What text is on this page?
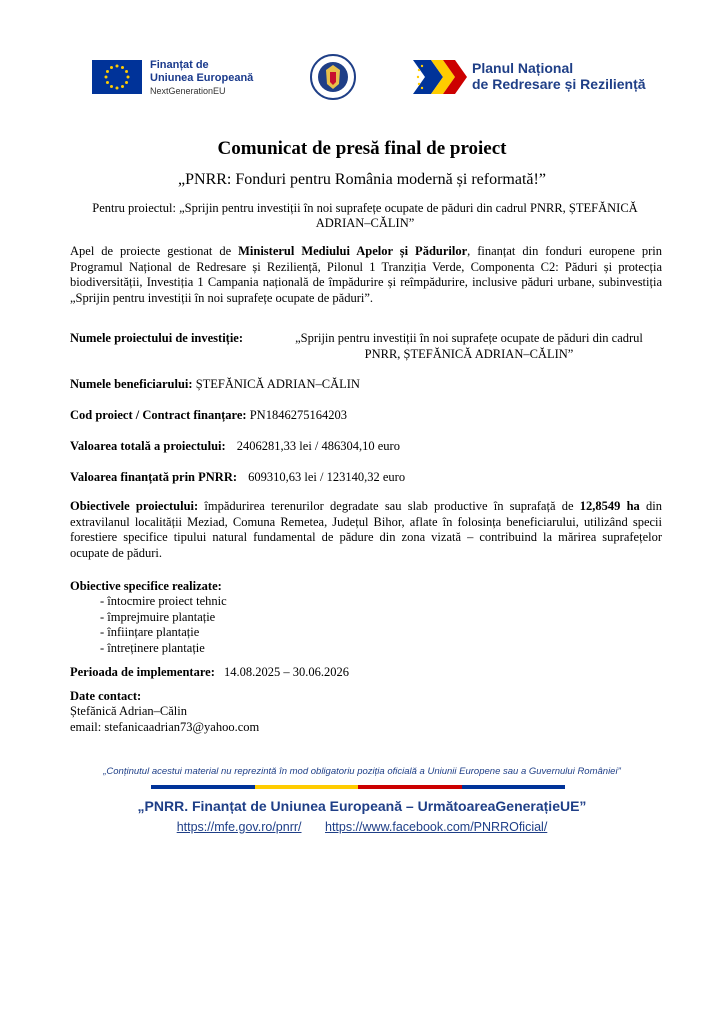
Finanțat de
Uniunea Europeană
NextGenerationEU
Planul Național
de Redresare și Reziliență
Comunicat de presă final de proiect
„PNRR: Fonduri pentru România modernă și reformată!”
Pentru proiectul: „Sprijin pentru investiții în noi suprafețe ocupate de păduri din cadrul PNRR, ȘTEFĂNICĂ ADRIAN–CĂLIN”
Apel de proiecte gestionat de Ministerul Mediului Apelor și Pădurilor, finanțat din fonduri europene prin Programul Național de Redresare și Reziliență, Pilonul 1 Tranziția Verde, Componenta C2: Păduri și protecția biodiversității, Investiția 1 Campania națională de împădurire și reîmpădurire, inclusive păduri urbane, subinvestiția „Sprijin pentru investiții în noi suprafețe ocupate de păduri”.
Numele proiectului de investiție:	„Sprijin pentru investiții în noi suprafețe ocupate de păduri din cadrul PNRR, ȘTEFĂNICĂ ADRIAN–CĂLIN”
Numele beneficiarului: ȘTEFĂNICĂ ADRIAN–CĂLIN
Cod proiect / Contract finanțare: PN1846275164203
Valoarea totală a proiectului: 2406281,33 lei / 486304,10 euro
Valoarea finanțată prin PNRR: 609310,63 lei / 123140,32 euro
Obiectivele proiectului: împădurirea terenurilor degradate sau slab productive în suprafață de 12,8549 ha din extravilanul localității Meziad, Comuna Remetea, Județul Bihor, aflate în folosința beneficiarului, utilizând specii forestiere specifice tipului natural fundamental de pădure din zona vizată – contribuind la mărirea suprafețelor ocupate de păduri.
Obiective specifice realizate:
- întocmire proiect tehnic
- împrejmuire plantație
- înființare plantație
- întreținere plantație
Perioada de implementare: 14.08.2025 – 30.06.2026
Date contact:
Ștefănică Adrian–Călin
email: stefanicaadrian73@yahoo.com
„Conținutul acestui material nu reprezintă în mod obligatoriu poziția oficială a Uniunii Europene sau a Guvernului României”
„PNRR. Finanțat de Uniunea Europeană – UrmătoareaGenerațieUE”
https://mfe.gov.ro/pnrr/ https://www.facebook.com/PNRROficial/
